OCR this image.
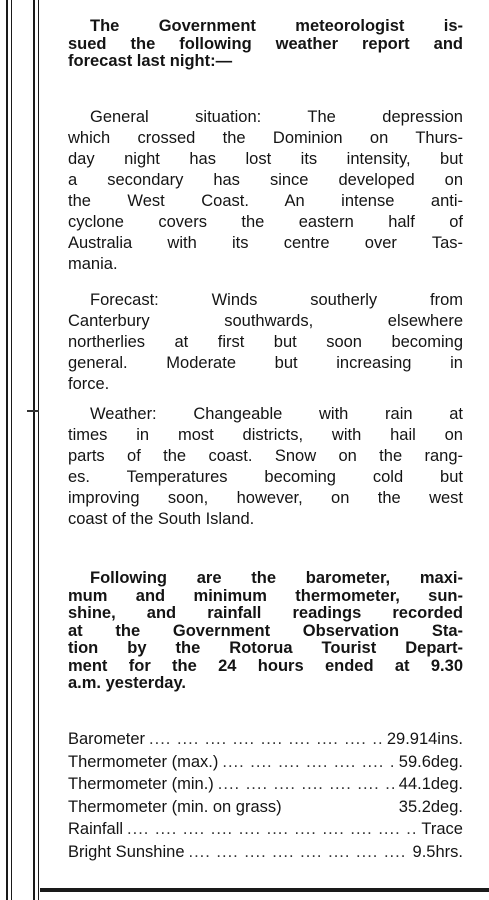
The Government meteorologist is-
sued the following weather report and
forecast last night:—
General situation: The depression
which crossed the Dominion on Thurs-
day night has lost its intensity, but
a secondary has since developed on
the West Coast. An intense anti-
cyclone covers the eastern half of
Australia with its centre over Tas-
mania.
Forecast: Winds southerly from
Canterbury southwards, elsewhere
northerlies at first but soon becoming
general. Moderate but increasing in
force.
Weather: Changeable with rain at
times in most districts, with hail on
parts of the coast. Snow on the rang-
es. Temperatures becoming cold but
improving soon, however, on the west
coast of the South Island.
Following are the barometer, maxi-
mum and minimum thermometer, sun-
shine, and rainfall readings recorded
at the Government Observation Sta-
tion by the Rotorua Tourist Depart-
ment for the 24 hours ended at 9.30
a.m. yesterday.
Barometer ....	29.914ins.
Thermometer (max.) ....	59.6deg.
Thermometer (min.) ....	44.1deg.
Thermometer (min. on grass)	35.2deg.
Rainfall ....	Trace
Bright Sunshine ....	9.5hrs.
